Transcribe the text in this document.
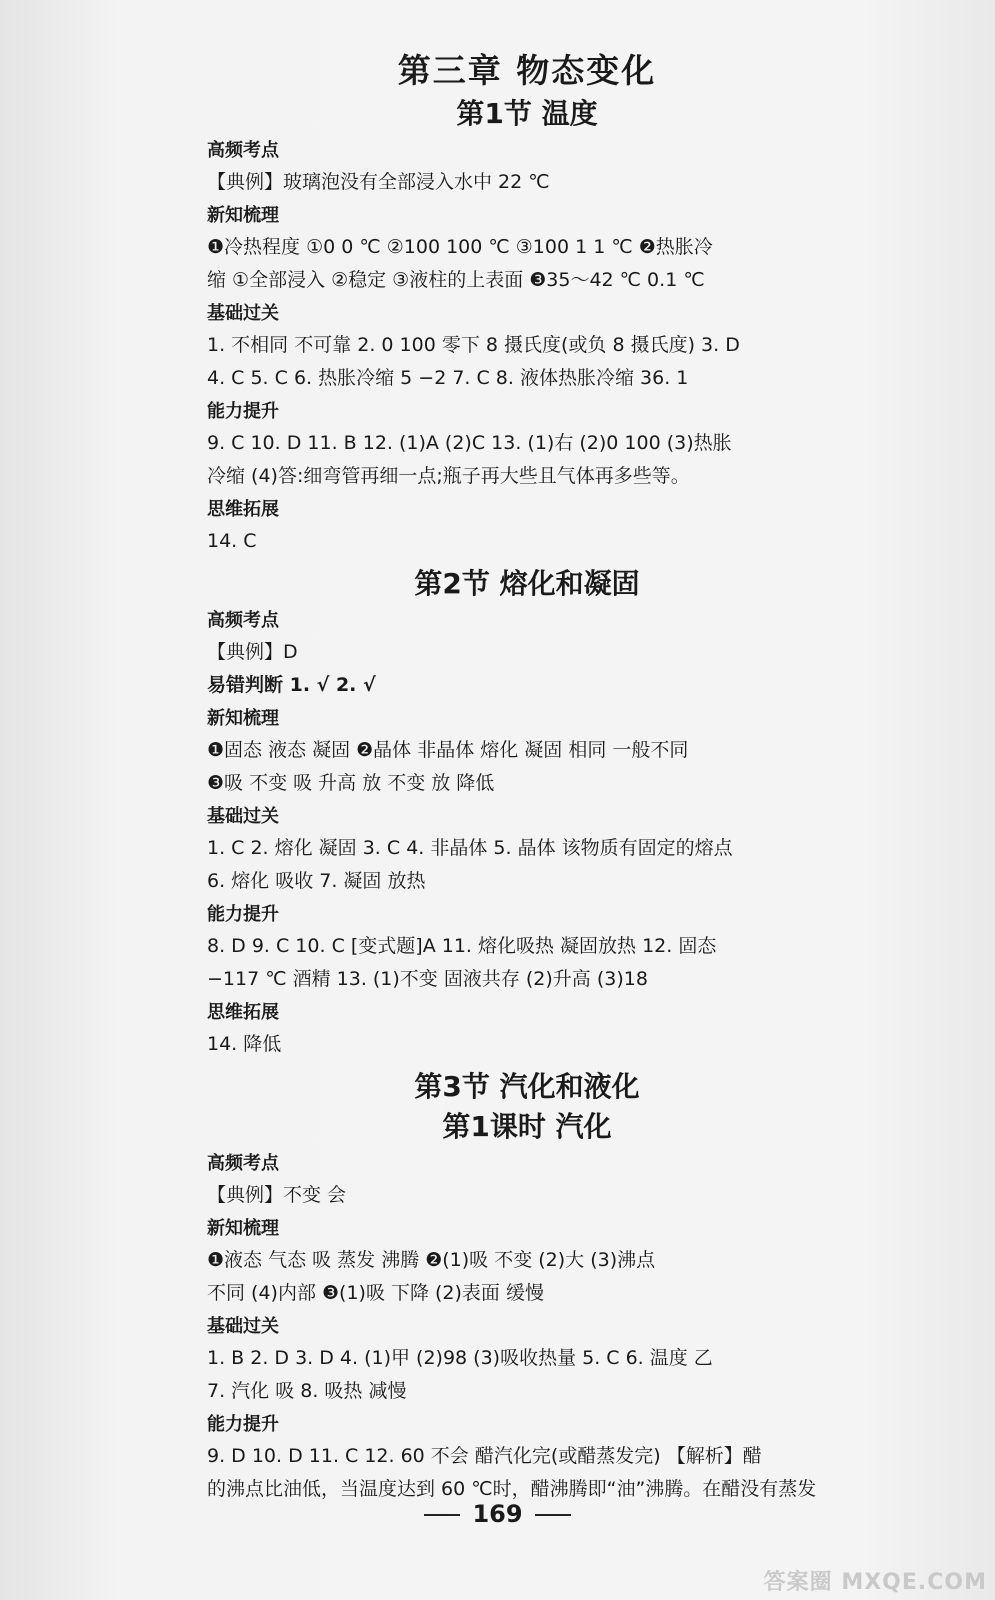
第三章 物态变化
第1节 温度
高频考点
【典例】玻璃泡没有全部浸入水中 22 ℃
新知梳理
❶冷热程度 ①0 0 ℃ ②100 100 ℃ ③100 1 1 ℃ ❷热胀冷
缩 ①全部浸入 ②稳定 ③液柱的上表面 ❸35～42 ℃ 0.1 ℃
基础过关
1. 不相同 不可靠 2. 0 100 零下 8 摄氏度(或负 8 摄氏度) 3. D
4. C 5. C 6. 热胀冷缩 5 −2 7. C 8. 液体热胀冷缩 36. 1
能力提升
9. C 10. D 11. B 12. (1)A (2)C 13. (1)右 (2)0 100 (3)热胀
冷缩 (4)答:细弯管再细一点;瓶子再大些且气体再多些等。
思维拓展
14. C
第2节 熔化和凝固
高频考点
【典例】D
易错判断 1. √ 2. √
新知梳理
❶固态 液态 凝固 ❷晶体 非晶体 熔化 凝固 相同 一般不同
❸吸 不变 吸 升高 放 不变 放 降低
基础过关
1. C 2. 熔化 凝固 3. C 4. 非晶体 5. 晶体 该物质有固定的熔点
6. 熔化 吸收 7. 凝固 放热
能力提升
8. D 9. C 10. C [变式题]A 11. 熔化吸热 凝固放热 12. 固态
−117 ℃ 酒精 13. (1)不变 固液共存 (2)升高 (3)18
思维拓展
14. 降低
第3节 汽化和液化
第1课时 汽化
高频考点
【典例】不变 会
新知梳理
❶液态 气态 吸 蒸发 沸腾 ❷(1)吸 不变 (2)大 (3)沸点
不同 (4)内部 ❸(1)吸 下降 (2)表面 缓慢
基础过关
1. B 2. D 3. D 4. (1)甲 (2)98 (3)吸收热量 5. C 6. 温度 乙
7. 汽化 吸 8. 吸热 减慢
能力提升
9. D 10. D 11. C 12. 60 不会 醋汽化完(或醋蒸发完) 【解析】醋
的沸点比油低，当温度达到 60 ℃时，醋沸腾即“油”沸腾。在醋没有蒸发
169
答案圈 MXQE.COM
